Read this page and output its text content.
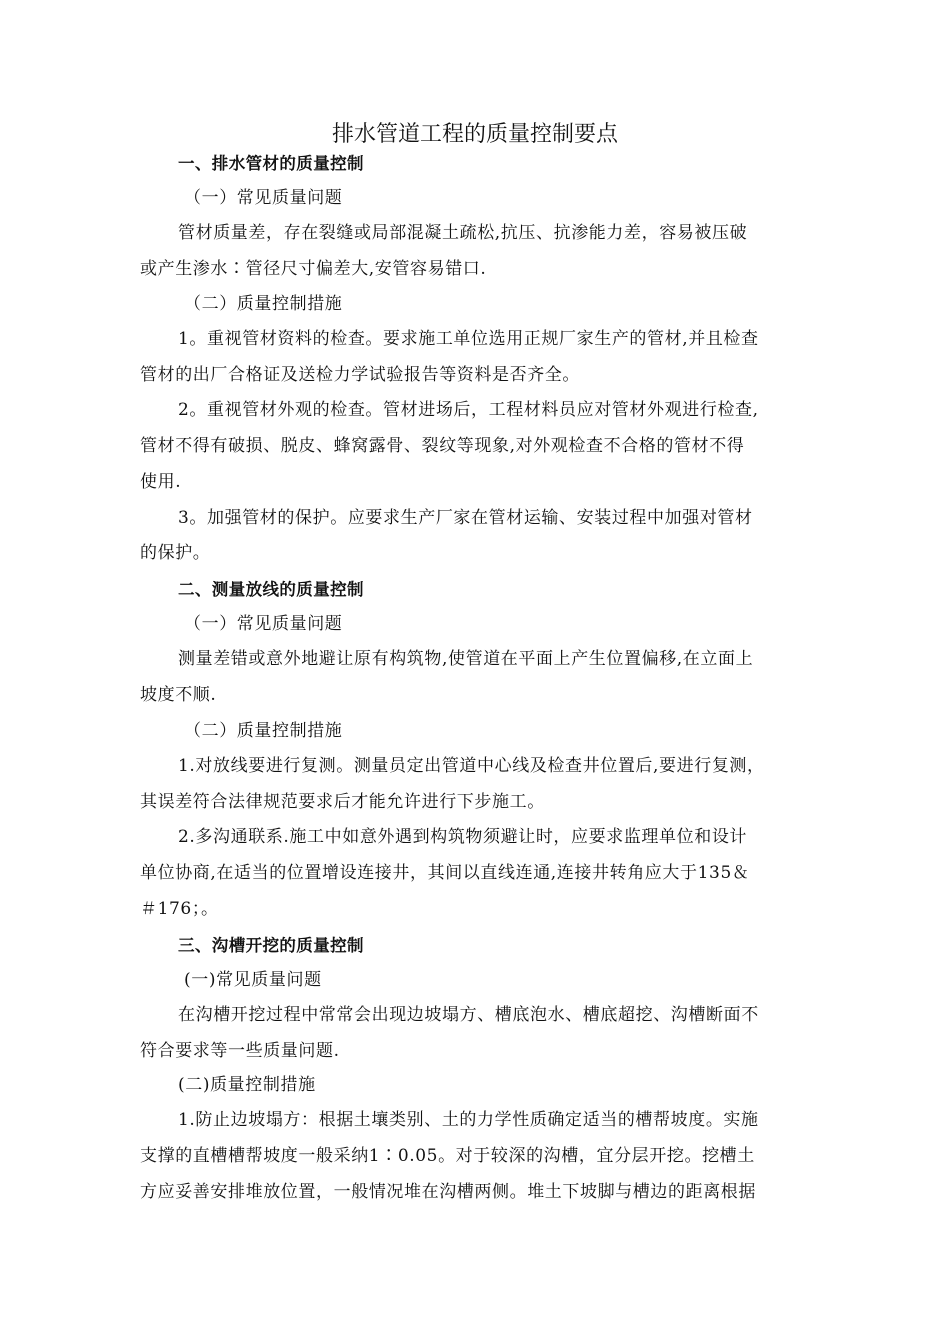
排水管道工程的质量控制要点
一、排水管材的质量控制
（一）常见质量问题
管材质量差，存在裂缝或局部混凝土疏松,抗压、抗渗能力差，容易被压破
或产生渗水∶管径尺寸偏差大,安管容易错口.
（二）质量控制措施
1。重视管材资料的检查。要求施工单位选用正规厂家生产的管材,并且检查
管材的出厂合格证及送检力学试验报告等资料是否齐全。
2。重视管材外观的检查。管材进场后，工程材料员应对管材外观进行检查,
管材不得有破损、脱皮、蜂窝露骨、裂纹等现象,对外观检查不合格的管材不得
使用.
3。加强管材的保护。应要求生产厂家在管材运输、安装过程中加强对管材
的保护。
二、测量放线的质量控制
（一）常见质量问题
测量差错或意外地避让原有构筑物,使管道在平面上产生位置偏移,在立面上
坡度不顺.
（二）质量控制措施
1.对放线要进行复测。测量员定出管道中心线及检查井位置后,要进行复测，
其误差符合法律规范要求后才能允许进行下步施工。
2.多沟通联系.施工中如意外遇到构筑物须避让时，应要求监理单位和设计
单位协商,在适当的位置增设连接井，其间以直线连通,连接井转角应大于135＆
＃176；。
三、沟槽开挖的质量控制
(一)常见质量问题
在沟槽开挖过程中常常会出现边坡塌方、槽底泡水、槽底超挖、沟槽断面不
符合要求等一些质量问题.
(二)质量控制措施
1.防止边坡塌方：根据土壤类别、土的力学性质确定适当的槽帮坡度。实施
支撑的直槽槽帮坡度一般采纳1∶0.05。对于较深的沟槽，宜分层开挖。挖槽土
方应妥善安排堆放位置，一般情况堆在沟槽两侧。堆土下坡脚与槽边的距离根据
